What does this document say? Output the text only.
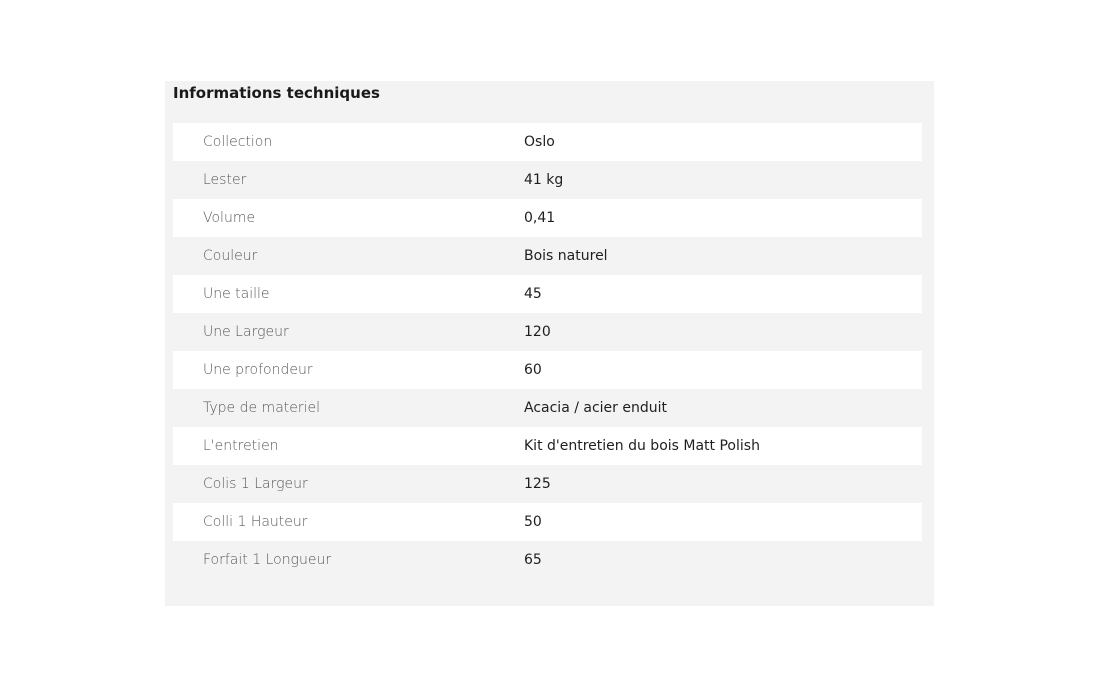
Informations techniques
Collection	Oslo
Lester	41 kg
Volume	0,41
Couleur	Bois naturel
Une taille	45
Une Largeur	120
Une profondeur	60
Type de materiel	Acacia / acier enduit
L'entretien	Kit d'entretien du bois Matt Polish
Colis 1 Largeur	125
Colli 1 Hauteur	50
Forfait 1 Longueur	65
